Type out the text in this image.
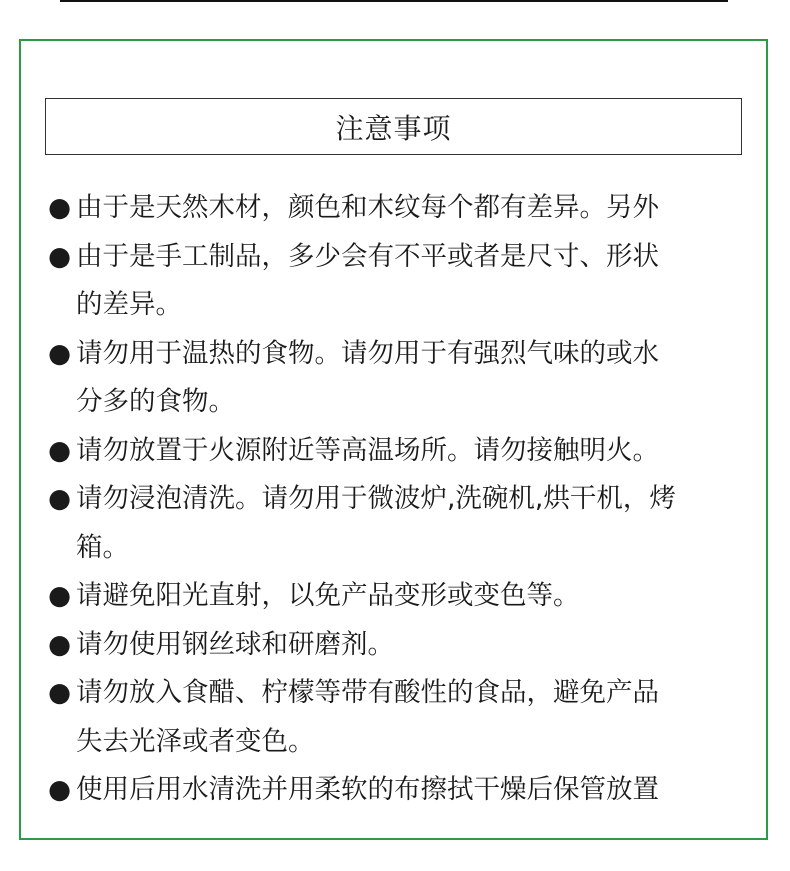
注意事项
● 由于是天然木材，颜色和木纹每个都有差异。另外
● 由于是手工制品，多少会有不平或者是尺寸、形状
的差异。
● 请勿用于温热的食物。请勿用于有强烈气味的或水
分多的食物。
● 请勿放置于火源附近等高温场所。请勿接触明火。
● 请勿浸泡清洗。请勿用于微波炉,洗碗机,烘干机，烤
箱。
● 请避免阳光直射，以免产品变形或变色等。
● 请勿使用钢丝球和研磨剂。
● 请勿放入食醋、柠檬等带有酸性的食品，避免产品
失去光泽或者变色。
● 使用后用水清洗并用柔软的布擦拭干燥后保管放置
